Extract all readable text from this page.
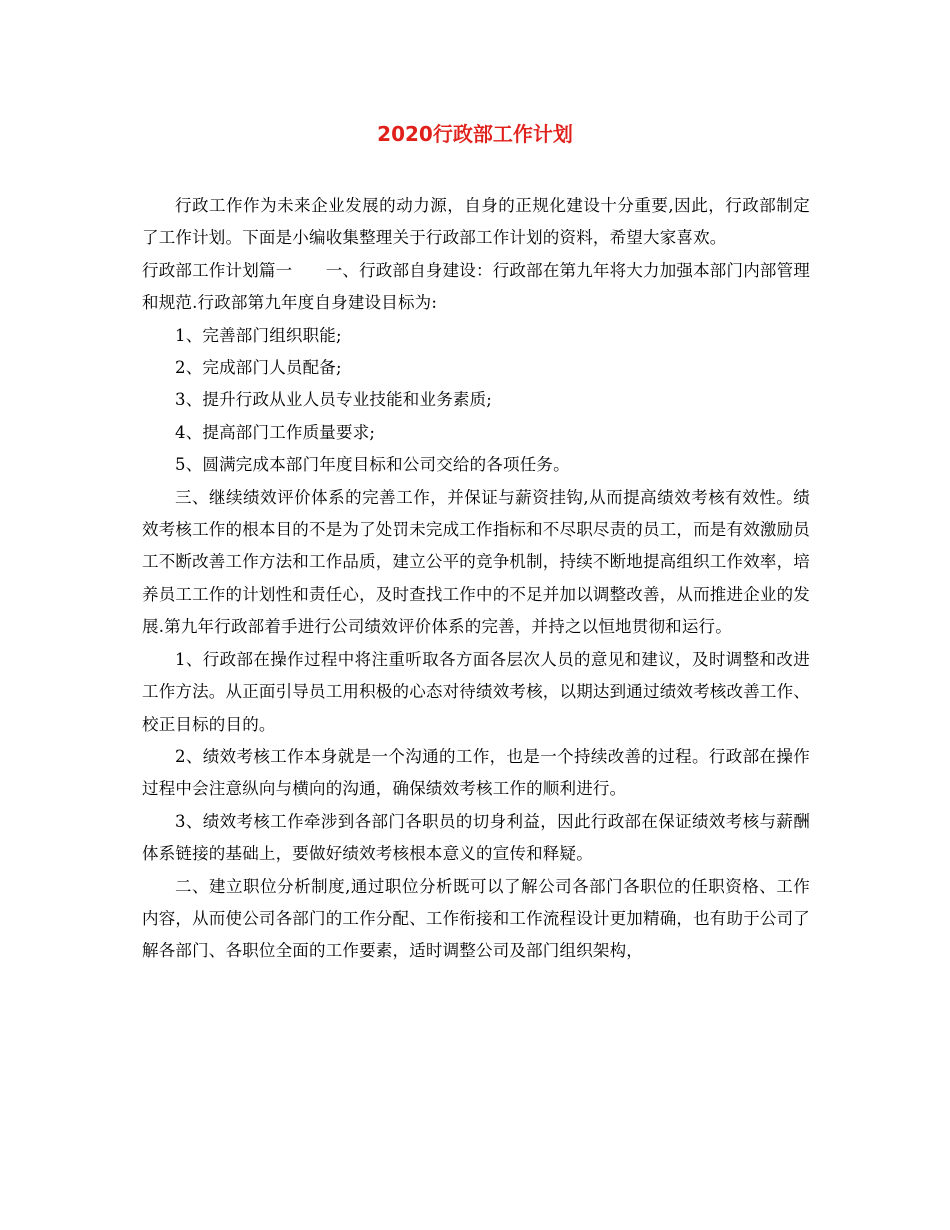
2020行政部工作计划

行政工作作为未来企业发展的动力源，自身的正规化建设十分重要,因此，行政部制定了工作计划。下面是小编收集整理关于行政部工作计划的资料，希望大家喜欢。

行政部工作计划篇一　　一、行政部自身建设：行政部在第九年将大力加强本部门内部管理和规范.行政部第九年度自身建设目标为:

1、完善部门组织职能;

2、完成部门人员配备;

3、提升行政从业人员专业技能和业务素质;

4、提高部门工作质量要求;

5、圆满完成本部门年度目标和公司交给的各项任务。

三、继续绩效评价体系的完善工作，并保证与薪资挂钩,从而提高绩效考核有效性。绩效考核工作的根本目的不是为了处罚未完成工作指标和不尽职尽责的员工，而是有效激励员工不断改善工作方法和工作品质，建立公平的竞争机制，持续不断地提高组织工作效率，培养员工工作的计划性和责任心，及时查找工作中的不足并加以调整改善，从而推进企业的发展.第九年行政部着手进行公司绩效评价体系的完善，并持之以恒地贯彻和运行。

1、行政部在操作过程中将注重听取各方面各层次人员的意见和建议，及时调整和改进工作方法。从正面引导员工用积极的心态对待绩效考核，以期达到通过绩效考核改善工作、校正目标的目的。

2、绩效考核工作本身就是一个沟通的工作，也是一个持续改善的过程。行政部在操作过程中会注意纵向与横向的沟通，确保绩效考核工作的顺利进行。

3、绩效考核工作牵涉到各部门各职员的切身利益，因此行政部在保证绩效考核与薪酬体系链接的基础上，要做好绩效考核根本意义的宣传和释疑。

二、建立职位分析制度,通过职位分析既可以了解公司各部门各职位的任职资格、工作内容，从而使公司各部门的工作分配、工作衔接和工作流程设计更加精确，也有助于公司了解各部门、各职位全面的工作要素，适时调整公司及部门组织架构，
